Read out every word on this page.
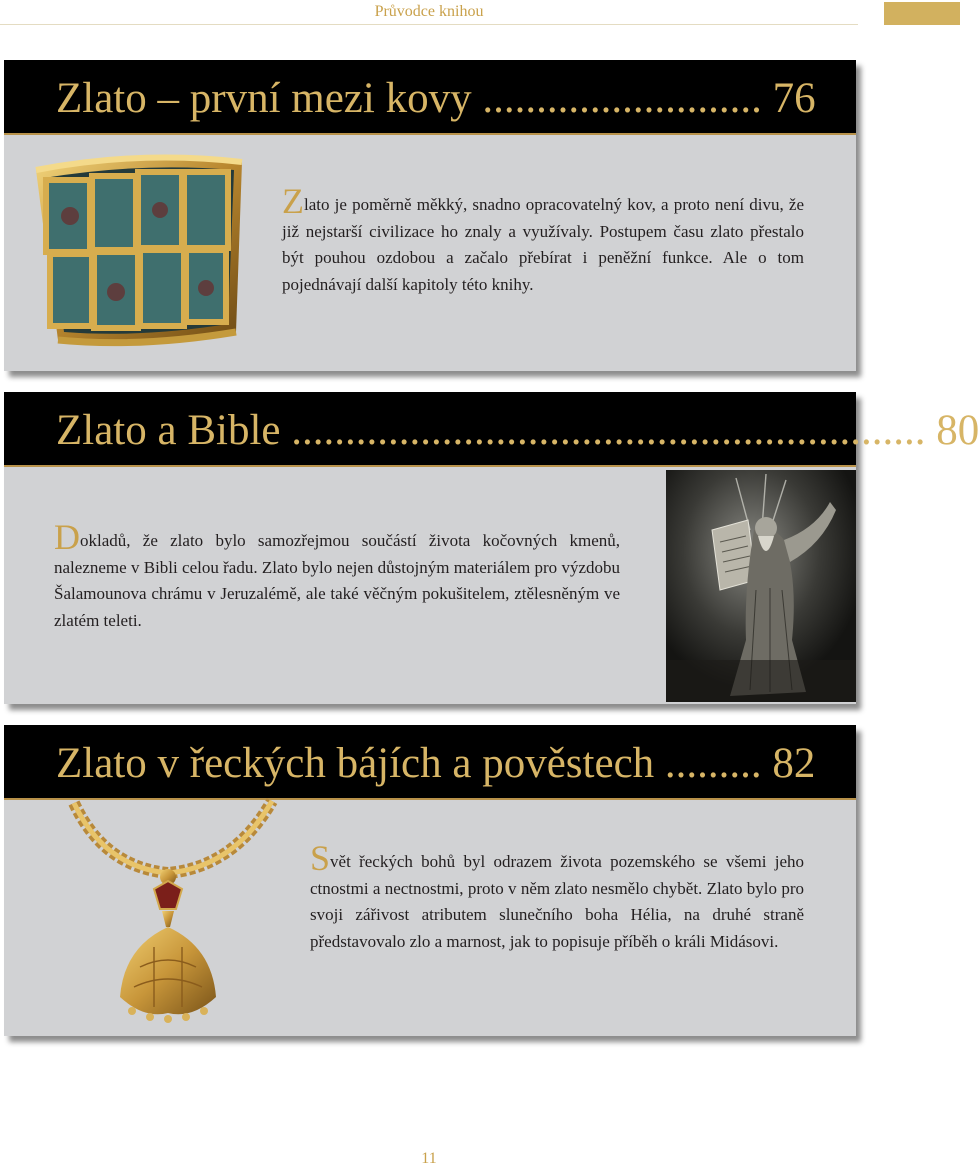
Průvodce knihou
Zlato – první mezi kovy .......................... 76
Zlato je poměrně měkký, snadno opracovatelný kov, a proto není divu, že již nejstarší civilizace ho znaly a využívaly. Postupem času zlato přestalo být pouhou ozdobou a začalo přebírat i peněžní funkce. Ale o tom pojednávají další kapitoly této knihy.
Zlato a Bible ........................................................... 80
Dokladů, že zlato bylo samozřejmou součástí života kočovných kmenů, nalezneme v Bibli celou řadu. Zlato bylo nejen důstojným materiálem pro výzdobu Šalamounova chrámu v Jeruzalémě, ale také věčným pokušitelem, ztělesněným ve zlatém teleti.
Zlato v řeckých bájích a pověstech ......... 82
Svět řeckých bohů byl odrazem života pozemského se všemi jeho ctnostmi a nectnostmi, proto v něm zlato nesmělo chybět. Zlato bylo pro svoji zářivost atributem slunečního boha Hélia, na druhé straně představovalo zlo a marnost, jak to popisuje příběh o králi Midásovi.
11
